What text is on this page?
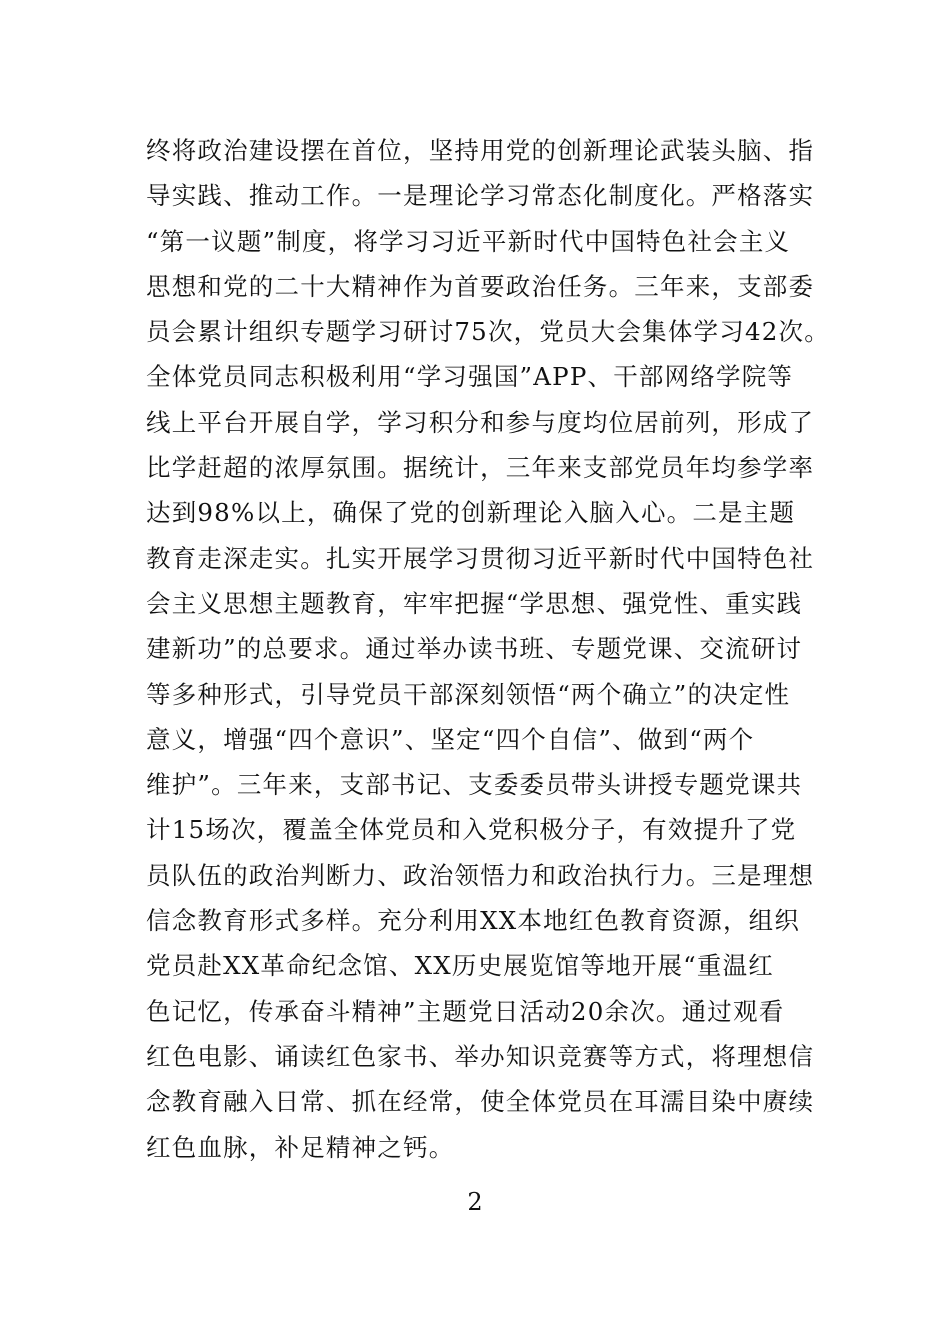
终将政治建设摆在首位，坚持用党的创新理论武装头脑、指
导实践、推动工作。一是理论学习常态化制度化。严格落实
“第一议题”制度，将学习习近平新时代中国特色社会主义
思想和党的二十大精神作为首要政治任务。三年来，支部委
员会累计组织专题学习研讨75次，党员大会集体学习42次。
全体党员同志积极利用“学习强国”APP、干部网络学院等
线上平台开展自学，学习积分和参与度均位居前列，形成了
比学赶超的浓厚氛围。据统计，三年来支部党员年均参学率
达到98%以上，确保了党的创新理论入脑入心。二是主题
教育走深走实。扎实开展学习贯彻习近平新时代中国特色社
会主义思想主题教育，牢牢把握“学思想、强党性、重实践
建新功”的总要求。通过举办读书班、专题党课、交流研讨
等多种形式，引导党员干部深刻领悟“两个确立”的决定性
意义，增强“四个意识”、坚定“四个自信”、做到“两个
维护”。三年来，支部书记、支委委员带头讲授专题党课共
计15场次，覆盖全体党员和入党积极分子，有效提升了党
员队伍的政治判断力、政治领悟力和政治执行力。三是理想
信念教育形式多样。充分利用XX本地红色教育资源，组织
党员赴XX革命纪念馆、XX历史展览馆等地开展“重温红
色记忆，传承奋斗精神”主题党日活动20余次。通过观看
红色电影、诵读红色家书、举办知识竞赛等方式，将理想信
念教育融入日常、抓在经常，使全体党员在耳濡目染中赓续
红色血脉，补足精神之钙。
2
